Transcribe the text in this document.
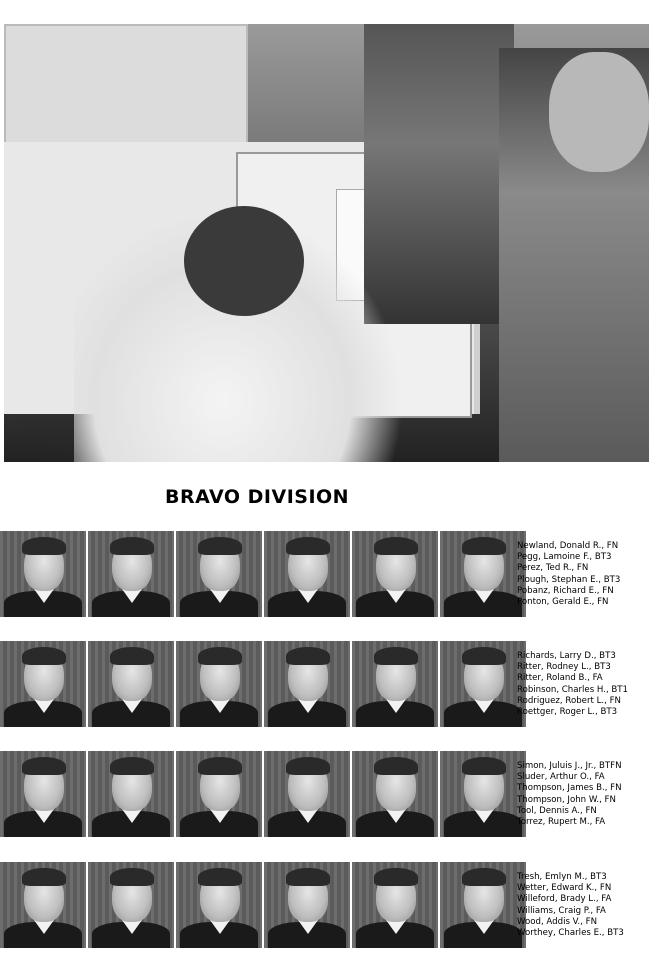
BRAVO DIVISION
Newland, Donald R., FN
Pegg, Lamoine F., BT3
Perez, Ted R., FN
Plough, Stephan E., BT3
Pobanz, Richard E., FN
Ponton, Gerald E., FN
Richards, Larry D., BT3
Ritter, Rodney L., BT3
Ritter, Roland B., FA
Robinson, Charles H., BT1
Rodriguez, Robert L., FN
Roettger, Roger L., BT3
Simon, Juluis J., Jr., BTFN
Sluder, Arthur O., FA
Thompson, James B., FN
Thompson, John W., FN
Tool, Dennis A., FN
Torrez, Rupert M., FA
Tresh, Emlyn M., BT3
Wetter, Edward K., FN
Willeford, Brady L., FA
Williams, Craig P., FA
Wood, Addis V., FN
Worthey, Charles E., BT3
